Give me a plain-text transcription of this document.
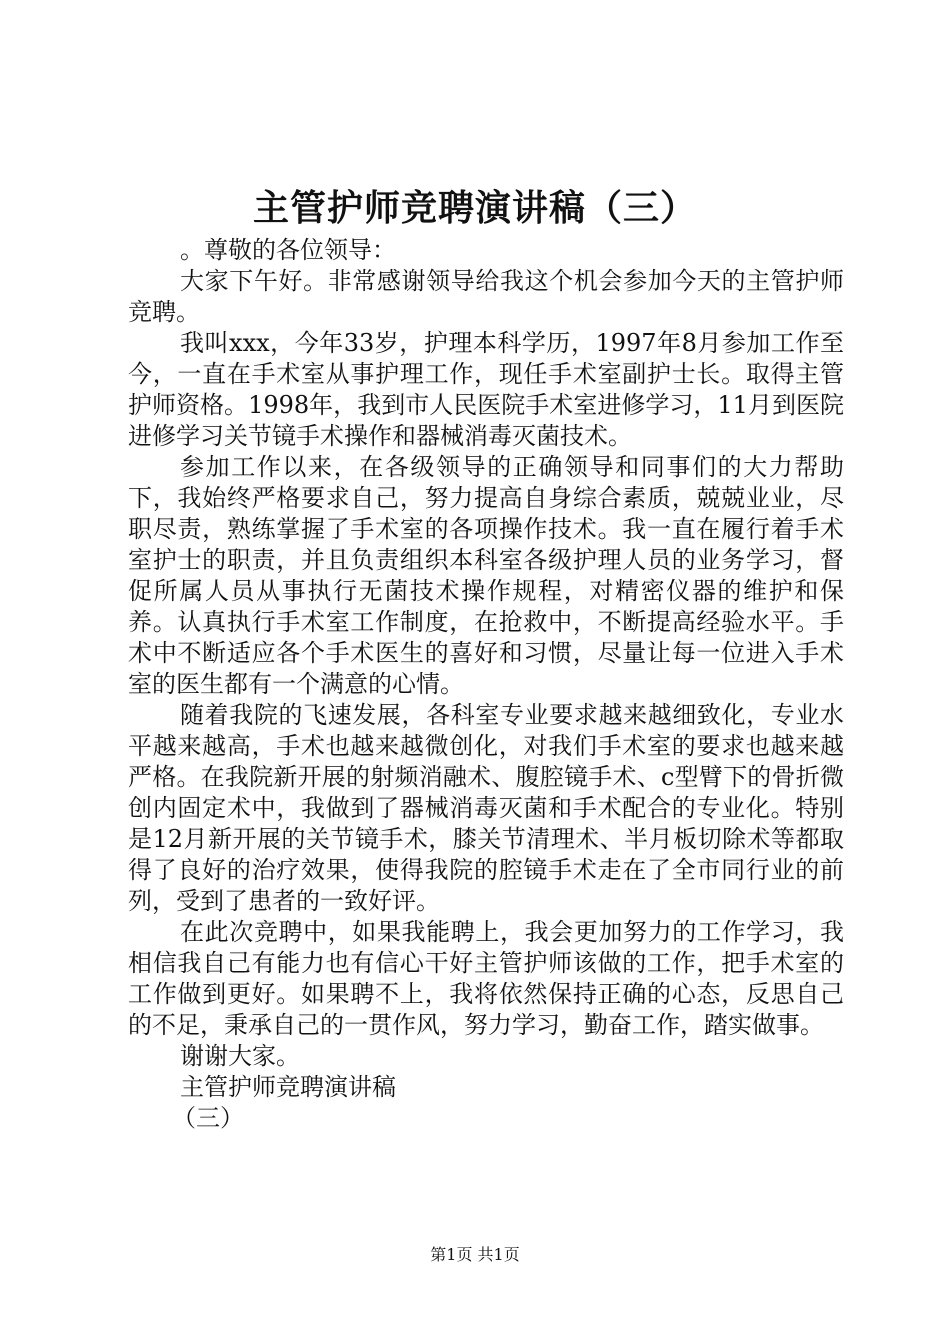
主管护师竞聘演讲稿（三）

。尊敬的各位领导：

大家下午好。非常感谢领导给我这个机会参加今天的主管护师竞聘。

我叫xxx，今年33岁，护理本科学历，1997年8月参加工作至今，一直在手术室从事护理工作，现任手术室副护士长。取得主管护师资格。1998年，我到市人民医院手术室进修学习，11月到医院进修学习关节镜手术操作和器械消毒灭菌技术。

参加工作以来，在各级领导的正确领导和同事们的大力帮助下，我始终严格要求自己，努力提高自身综合素质，兢兢业业，尽职尽责，熟练掌握了手术室的各项操作技术。我一直在履行着手术室护士的职责，并且负责组织本科室各级护理人员的业务学习，督促所属人员从事执行无菌技术操作规程，对精密仪器的维护和保养。认真执行手术室工作制度，在抢救中，不断提高经验水平。手术中不断适应各个手术医生的喜好和习惯，尽量让每一位进入手术室的医生都有一个满意的心情。

随着我院的飞速发展，各科室专业要求越来越细致化，专业水平越来越高，手术也越来越微创化，对我们手术室的要求也越来越严格。在我院新开展的射频消融术、腹腔镜手术、c型臂下的骨折微创内固定术中，我做到了器械消毒灭菌和手术配合的专业化。特别是12月新开展的关节镜手术，膝关节清理术、半月板切除术等都取得了良好的治疗效果，使得我院的腔镜手术走在了全市同行业的前列，受到了患者的一致好评。

在此次竞聘中，如果我能聘上，我会更加努力的工作学习，我相信我自己有能力也有信心干好主管护师该做的工作，把手术室的工作做到更好。如果聘不上，我将依然保持正确的心态，反思自己的不足，秉承自己的一贯作风，努力学习，勤奋工作，踏实做事。

谢谢大家。

主管护师竞聘演讲稿

（三）

第1页 共1页
